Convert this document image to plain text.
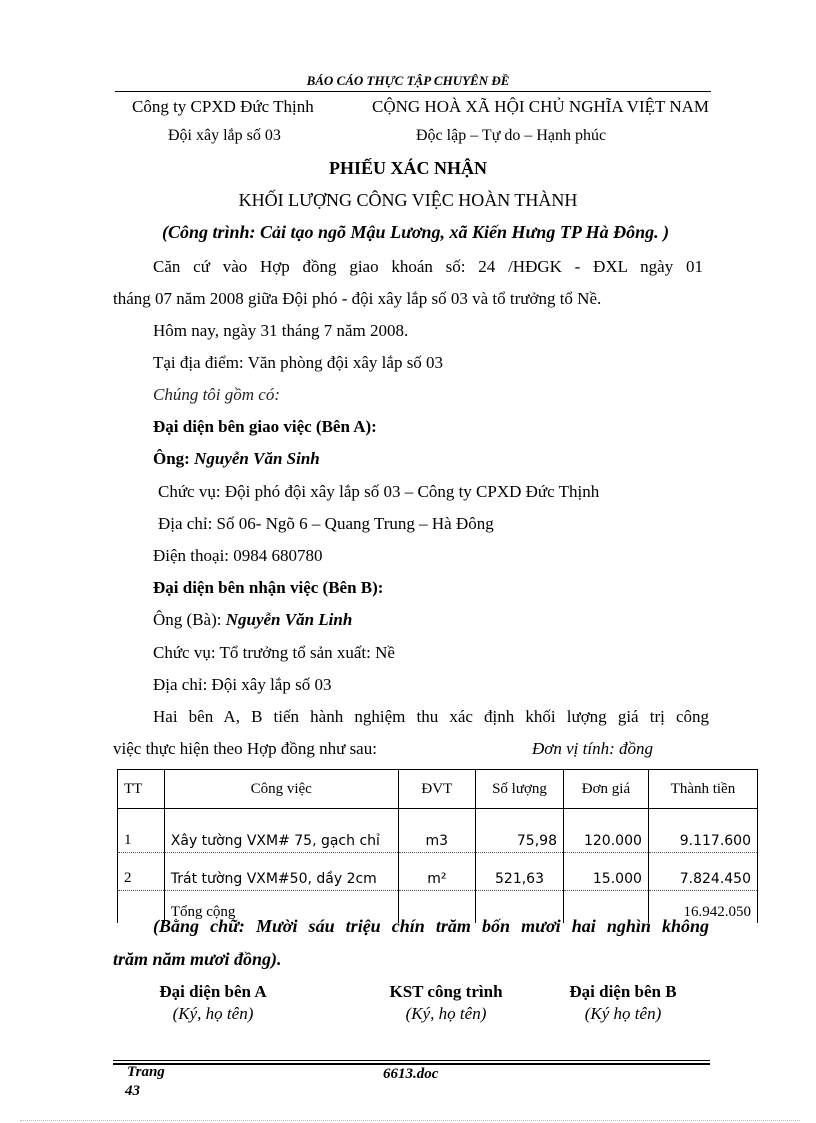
BÁO CÁO THỰC TẬP CHUYÊN ĐỀ
Công ty CPXD Đức Thịnh	CỘNG HOÀ XÃ HỘI CHỦ NGHĨA VIỆT NAM
Đội xây lắp số 03	Độc lập – Tự do – Hạnh phúc
PHIẾU XÁC NHẬN
KHỐI LƯỢNG CÔNG VIỆC HOÀN THÀNH
(Công trình: Cải tạo ngõ Mậu Lương, xã Kiến Hưng TP Hà Đông. )
Căn cứ vào Hợp đồng giao khoán số: 24 /HĐGK - ĐXL ngày 01
tháng 07 năm 2008 giữa Đội phó - đội xây lắp số 03 và tổ trưởng tổ Nề.
Hôm nay, ngày 31 tháng 7 năm 2008.
Tại địa điểm: Văn phòng đội xây lắp số 03
Chúng tôi gồm có:
Đại diện bên giao việc (Bên A):
Ông: Nguyễn Văn Sinh
Chức vụ: Đội phó đội xây lắp số 03 – Công ty CPXD Đức Thịnh
Địa chỉ: Số 06- Ngõ 6 – Quang Trung – Hà Đông
Điện thoại: 0984 680780
Đại diện bên nhận việc (Bên B):
Ông (Bà): Nguyễn Văn Linh
Chức vụ: Tổ trưởng tổ sản xuất: Nề
Địa chỉ: Đội xây lắp số 03
Hai bên A, B tiến hành nghiệm thu xác định khối lượng giá trị công
việc thực hiện theo Hợp đồng như sau:	Đơn vị tính: đồng
TT	Công việc	ĐVT	Số lượng	Đơn giá	Thành tiền
1	Xây tường VXM# 75, gạch chỉ	m3	75,98	120.000	9.117.600
2	Trát tường VXM#50, dầy 2cm	m²	521,63	15.000	7.824.450
	Tổng cộng				16.942.050
(Bằng chữ: Mười sáu triệu chín trăm bốn mươi hai nghìn không
trăm năm mươi đồng).
Đại diện bên A
(Ký, họ tên)
KST công trình
(Ký, họ tên)
Đại diện bên B
(Ký họ tên)
Trang
43
6613.doc
